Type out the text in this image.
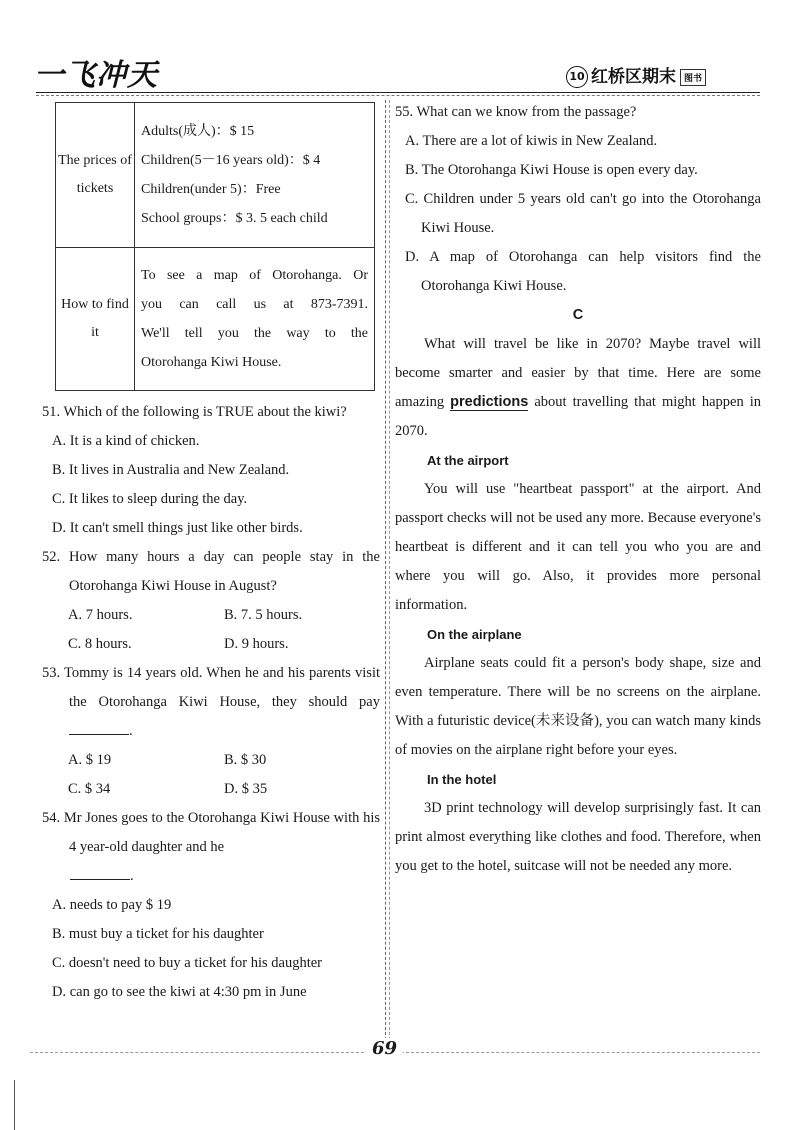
一飞冲天	10 红桥区期末 图书
The prices of tickets	Adults(成人)：$ 15
Children(5－16 years old)：$ 4
Children(under 5)：Free
School groups：$ 3. 5 each child

How to find it	To see a map of Otorohanga. Or
you can call us at 873-7391.
We'll tell you the way to the
Otorohanga Kiwi House.

51. Which of the following is TRUE about the kiwi?

A. It is a kind of chicken.

B. It lives in Australia and New Zealand.

C. It likes to sleep during the day.

D. It can't smell things just like other birds.

52. How many hours a day can people stay in the Otorohanga Kiwi House in August?

A. 7 hours.	B. 7. 5 hours.
C. 8 hours.	D. 9 hours.

53. Tommy is 14 years old. When he and his parents visit the Otorohanga Kiwi House, they should pay .

A. $ 19	B. $ 30
C. $ 34	D. $ 35

54. Mr Jones goes to the Otorohanga Kiwi House with his 4 year-old daughter and he

.

A. needs to pay $ 19

B. must buy a ticket for his daughter

C. doesn't need to buy a ticket for his daughter

D. can go to see the kiwi at 4:30 pm in June

55. What can we know from the passage?

A. There are a lot of kiwis in New Zealand.

B. The Otorohanga Kiwi House is open every day.

C. Children under 5 years old can't go into the Otorohanga Kiwi House.

D. A map of Otorohanga can help visitors find the Otorohanga Kiwi House.

C

What will travel be like in 2070? Maybe travel will become smarter and easier by that time. Here are some amazing predictions about travelling that might happen in 2070.

At the airport

You will use "heartbeat passport" at the airport. And passport checks will not be used any more. Because everyone's heartbeat is different and it can tell you who you are and where you will go. Also, it provides more personal information.

On the airplane

Airplane seats could fit a person's body shape, size and even temperature. There will be no screens on the airplane. With a futuristic device(未来设备), you can watch many kinds of movies on the airplane right before your eyes.

In the hotel

3D print technology will develop surprisingly fast. It can print almost everything like clothes and food. Therefore, when you get to the hotel, suitcase will not be needed any more.

69
